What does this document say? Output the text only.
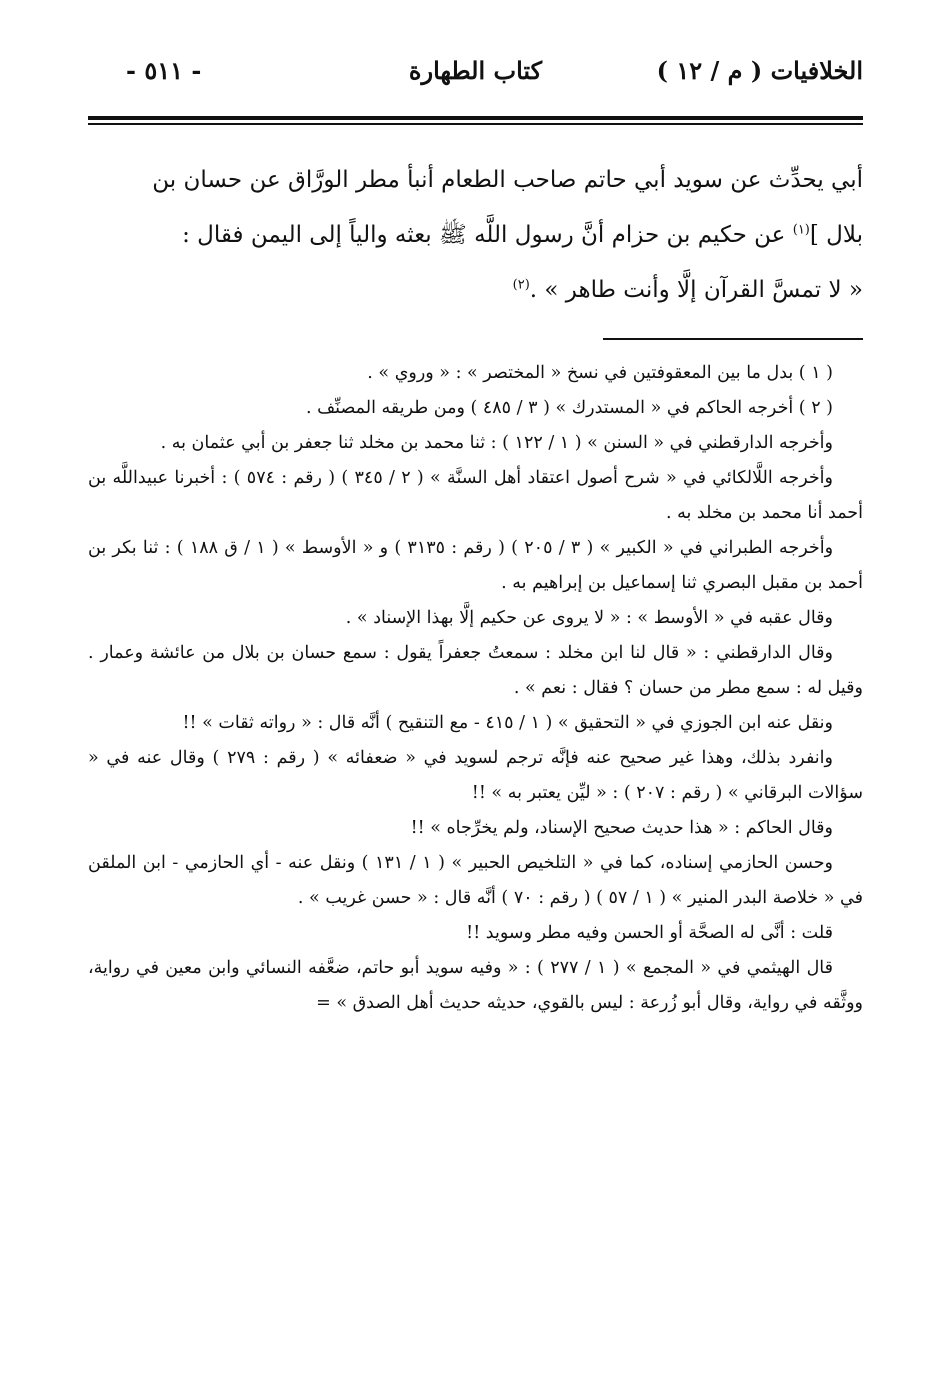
الخلافيات ( م / ١٢ )
كتاب الطهارة
- ٥١١ -

أبي يحدِّث عن سويد أبي حاتم صاحب الطعام أنبأ مطر الورَّاق عن حسان بن

بلال ]$^{(١)}$ عن حكيم بن حزام أنَّ رسول اللَّه ﷺ بعثه والياً إلى اليمن فقال :

« لا تمسَّ القرآن إلَّا وأنت طاهر » .$^{(٢)}$

( ١ ) بدل ما بين المعقوفتين في نسخ « المختصر » : « وروي » .

( ٢ ) أخرجه الحاكم في « المستدرك » ( ٣ / ٤٨٥ ) ومن طريقه المصنِّف .

وأخرجه الدارقطني في « السنن » ( ١ / ١٢٢ ) : ثنا محمد بن مخلد ثنا جعفر بن أبي عثمان به .

وأخرجه اللَّالكائي في « شرح أصول اعتقاد أهل السنَّة » ( ٢ / ٣٤٥ ) ( رقم : ٥٧٤ ) : أخبرنا عبيداللَّه بن أحمد أنا محمد بن مخلد به .

وأخرجه الطبراني في « الكبير » ( ٣ / ٢٠٥ ) ( رقم : ٣١٣٥ ) و « الأوسط » ( ١ / ق ١٨٨ ) : ثنا بكر بن أحمد بن مقبل البصري ثنا إسماعيل بن إبراهيم به .

وقال عقبه في « الأوسط » : « لا يروى عن حكيم إلَّا بهذا الإسناد » .

وقال الدارقطني : « قال لنا ابن مخلد : سمعتُ جعفراً يقول : سمع حسان بن بلال من عائشة وعمار . وقيل له : سمع مطر من حسان ؟ فقال : نعم » .

ونقل عنه ابن الجوزي في « التحقيق » ( ١ / ٤١٥ - مع التنقيح ) أنَّه قال : « رواته ثقات » !!

وانفرد بذلك، وهذا غير صحيح عنه فإنَّه ترجم لسويد في « ضعفائه » ( رقم : ٢٧٩ ) وقال عنه في « سؤالات البرقاني » ( رقم : ٢٠٧ ) : « ليِّن يعتبر به » !!

وقال الحاكم : « هذا حديث صحيح الإسناد، ولم يخرِّجاه » !!

وحسن الحازمي إسناده، كما في « التلخيص الحبير » ( ١ / ١٣١ ) ونقل عنه - أي الحازمي - ابن الملقن في « خلاصة البدر المنير » ( ١ / ٥٧ ) ( رقم : ٧٠ ) أنَّه قال : « حسن غريب » .

قلت : أنَّى له الصحَّة أو الحسن وفيه مطر وسويد !!

قال الهيثمي في « المجمع » ( ١ / ٢٧٧ ) : « وفيه سويد أبو حاتم، ضعَّفه النسائي وابن معين في رواية، ووثَّقه في رواية، وقال أبو زُرعة : ليس بالقوي، حديثه حديث أهل الصدق » =
